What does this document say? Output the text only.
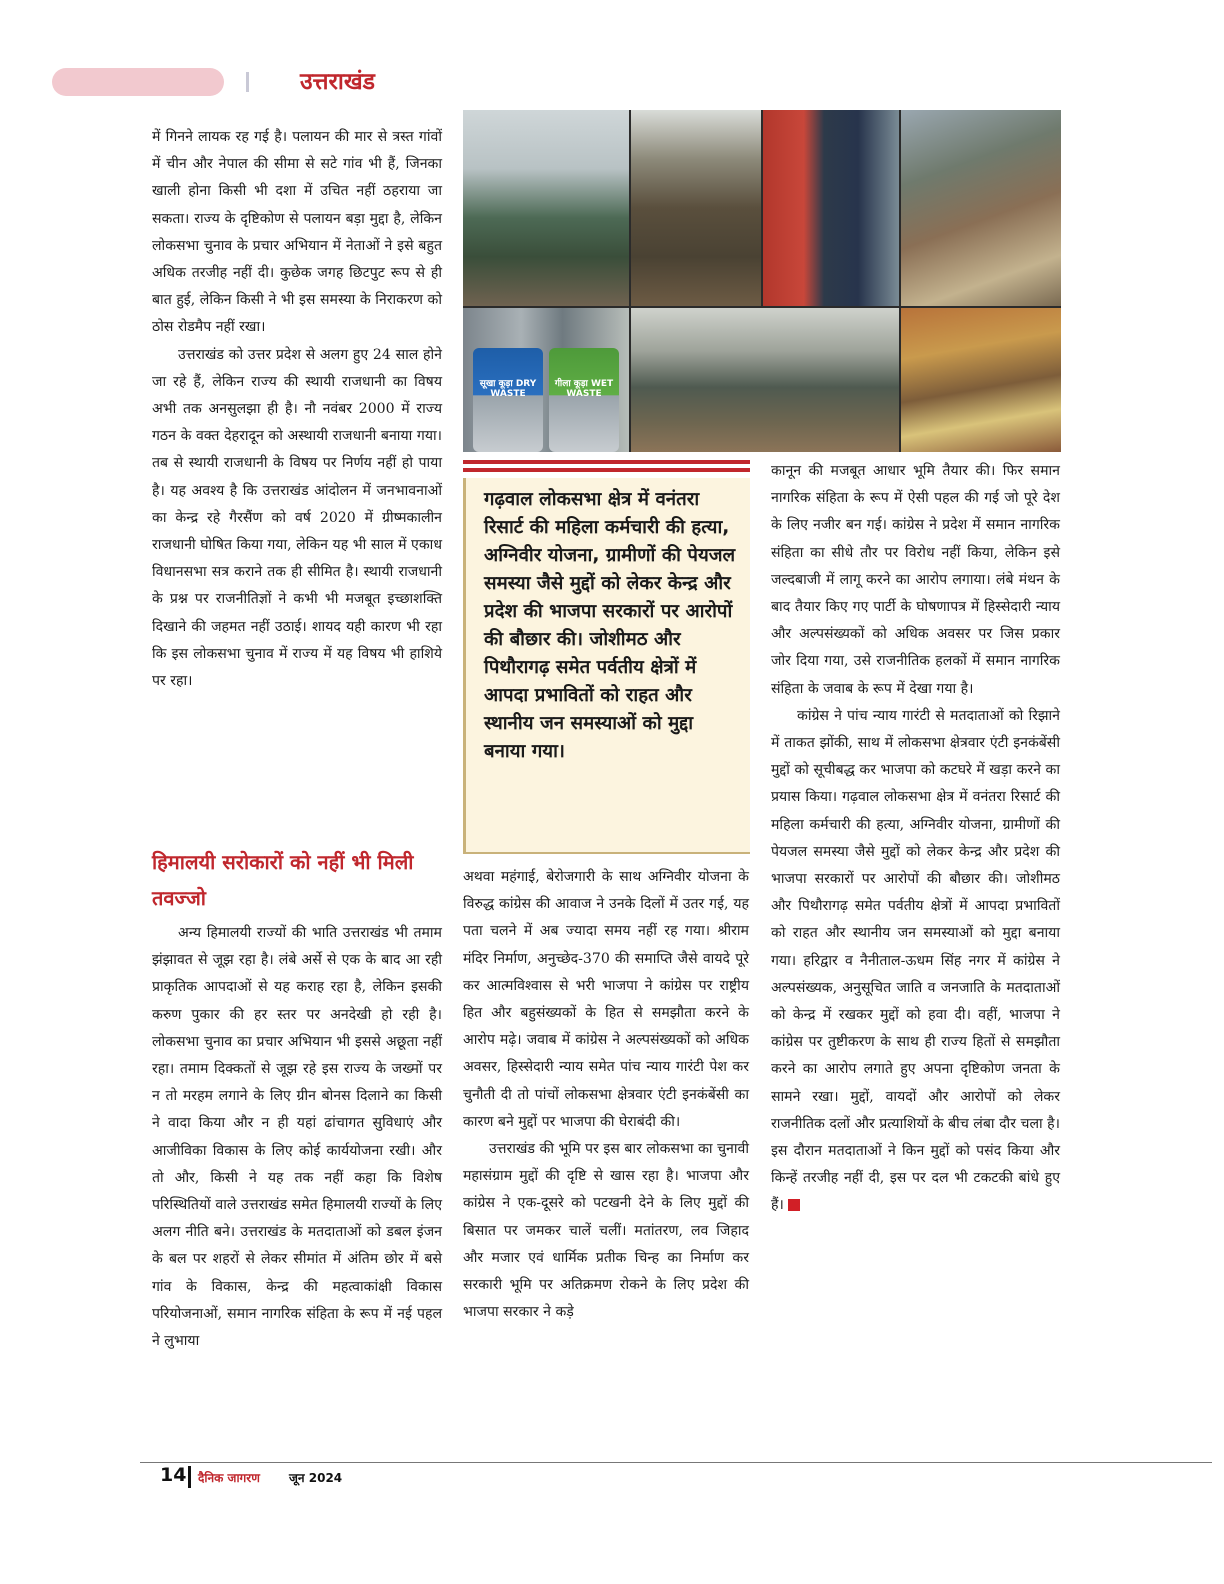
उत्तराखंड

में गिनने लायक रह गई है। पलायन की मार से त्रस्त गांवों में चीन और नेपाल की सीमा से सटे गांव भी हैं, जिनका खाली होना किसी भी दशा में उचित नहीं ठहराया जा सकता। राज्य के दृष्टिकोण से पलायन बड़ा मुद्दा है, लेकिन लोकसभा चुनाव के प्रचार अभियान में नेताओं ने इसे बहुत अधिक तरजीह नहीं दी। कुछेक जगह छिटपुट रूप से ही बात हुई, लेकिन किसी ने भी इस समस्या के निराकरण को ठोस रोडमैप नहीं रखा।

उत्तराखंड को उत्तर प्रदेश से अलग हुए 24 साल होने जा रहे हैं, लेकिन राज्य की स्थायी राजधानी का विषय अभी तक अनसुलझा ही है। नौ नवंबर 2000 में राज्य गठन के वक्त देहरादून को अस्थायी राजधानी बनाया गया। तब से स्थायी राजधानी के विषय पर निर्णय नहीं हो पाया है। यह अवश्य है कि उत्तराखंड आंदोलन में जनभावनाओं का केन्द्र रहे गैरसैंण को वर्ष 2020 में ग्रीष्मकालीन राजधानी घोषित किया गया, लेकिन यह भी साल में एकाध विधानसभा सत्र कराने तक ही सीमित है। स्थायी राजधानी के प्रश्न पर राजनीतिज्ञों ने कभी भी मजबूत इच्छाशक्ति दिखाने की जहमत नहीं उठाई। शायद यही कारण भी रहा कि इस लोकसभा चुनाव में राज्य में यह विषय भी हाशिये पर रहा।

हिमालयी सरोकारों को नहीं भी मिली तवज्जो

अन्य हिमालयी राज्यों की भाति उत्तराखंड भी तमाम झंझावत से जूझ रहा है। लंबे अर्से से एक के बाद आ रही प्राकृतिक आपदाओं से यह कराह रहा है, लेकिन इसकी करुण पुकार की हर स्तर पर अनदेखी हो रही है। लोकसभा चुनाव का प्रचार अभियान भी इससे अछूता नहीं रहा। तमाम दिक्कतों से जूझ रहे इस राज्य के जख्मों पर न तो मरहम लगाने के लिए ग्रीन बोनस दिलाने का किसी ने वादा किया और न ही यहां ढांचागत सुविधाएं और आजीविका विकास के लिए कोई कार्ययोजना रखी। और तो और, किसी ने यह तक नहीं कहा कि विशेष परिस्थितियों वाले उत्तराखंड समेत हिमालयी राज्यों के लिए अलग नीति बने। उत्तराखंड के मतदाताओं को डबल इंजन के बल पर शहरों से लेकर सीमांत में अंतिम छोर में बसे गांव के विकास, केन्द्र की महत्वाकांक्षी विकास परियोजनाओं, समान नागरिक संहिता के रूप में नई पहल ने लुभाया

सूखा कूड़ा DRY WASTE
गीला कूड़ा WET WASTE

गढ़वाल लोकसभा क्षेत्र में वनंतरा रिसार्ट की महिला कर्मचारी की हत्या, अग्निवीर योजना, ग्रामीणों की पेयजल समस्या जैसे मुद्दों को लेकर केन्द्र और प्रदेश की भाजपा सरकारों पर आरोपों की बौछार की। जोशीमठ और पिथौरागढ़ समेत पर्वतीय क्षेत्रों में आपदा प्रभावितों को राहत और स्थानीय जन समस्याओं को मुद्दा बनाया गया।

अथवा महंगाई, बेरोजगारी के साथ अग्निवीर योजना के विरुद्ध कांग्रेस की आवाज ने उनके दिलों में उतर गई, यह पता चलने में अब ज्यादा समय नहीं रह गया। श्रीराम मंदिर निर्माण, अनुच्छेद-370 की समाप्ति जैसे वायदे पूरे कर आत्मविश्वास से भरी भाजपा ने कांग्रेस पर राष्ट्रीय हित और बहुसंख्यकों के हित से समझौता करने के आरोप मढ़े। जवाब में कांग्रेस ने अल्पसंख्यकों को अधिक अवसर, हिस्सेदारी न्याय समेत पांच न्याय गारंटी पेश कर चुनौती दी तो पांचों लोकसभा क्षेत्रवार एंटी इनकंबेंसी का कारण बने मुद्दों पर भाजपा की घेराबंदी की।

उत्तराखंड की भूमि पर इस बार लोकसभा का चुनावी महासंग्राम मुद्दों की दृष्टि से खास रहा है। भाजपा और कांग्रेस ने एक-दूसरे को पटखनी देने के लिए मुद्दों की बिसात पर जमकर चालें चलीं। मतांतरण, लव जिहाद और मजार एवं धार्मिक प्रतीक चिन्ह का निर्माण कर सरकारी भूमि पर अतिक्रमण रोकने के लिए प्रदेश की भाजपा सरकार ने कड़े

कानून की मजबूत आधार भूमि तैयार की। फिर समान नागरिक संहिता के रूप में ऐसी पहल की गई जो पूरे देश के लिए नजीर बन गई। कांग्रेस ने प्रदेश में समान नागरिक संहिता का सीधे तौर पर विरोध नहीं किया, लेकिन इसे जल्दबाजी में लागू करने का आरोप लगाया। लंबे मंथन के बाद तैयार किए गए पार्टी के घोषणापत्र में हिस्सेदारी न्याय और अल्पसंख्यकों को अधिक अवसर पर जिस प्रकार जोर दिया गया, उसे राजनीतिक हलकों में समान नागरिक संहिता के जवाब के रूप में देखा गया है।

कांग्रेस ने पांच न्याय गारंटी से मतदाताओं को रिझाने में ताकत झोंकी, साथ में लोकसभा क्षेत्रवार एंटी इनकंबेंसी मुद्दों को सूचीबद्ध कर भाजपा को कटघरे में खड़ा करने का प्रयास किया। गढ़वाल लोकसभा क्षेत्र में वनंतरा रिसार्ट की महिला कर्मचारी की हत्या, अग्निवीर योजना, ग्रामीणों की पेयजल समस्या जैसे मुद्दों को लेकर केन्द्र और प्रदेश की भाजपा सरकारों पर आरोपों की बौछार की। जोशीमठ और पिथौरागढ़ समेत पर्वतीय क्षेत्रों में आपदा प्रभावितों को राहत और स्थानीय जन समस्याओं को मुद्दा बनाया गया। हरिद्वार व नैनीताल-ऊधम सिंह नगर में कांग्रेस ने अल्पसंख्यक, अनुसूचित जाति व जनजाति के मतदाताओं को केन्द्र में रखकर मुद्दों को हवा दी। वहीं, भाजपा ने कांग्रेस पर तुष्टीकरण के साथ ही राज्य हितों से समझौता करने का आरोप लगाते हुए अपना दृष्टिकोण जनता के सामने रखा। मुद्दों, वायदों और आरोपों को लेकर राजनीतिक दलों और प्रत्याशियों के बीच लंबा दौर चला है। इस दौरान मतदाताओं ने किन मुद्दों को पसंद किया और किन्हें तरजीह नहीं दी, इस पर दल भी टकटकी बांधे हुए हैं।

14 दैनिक जागरण जून 2024
